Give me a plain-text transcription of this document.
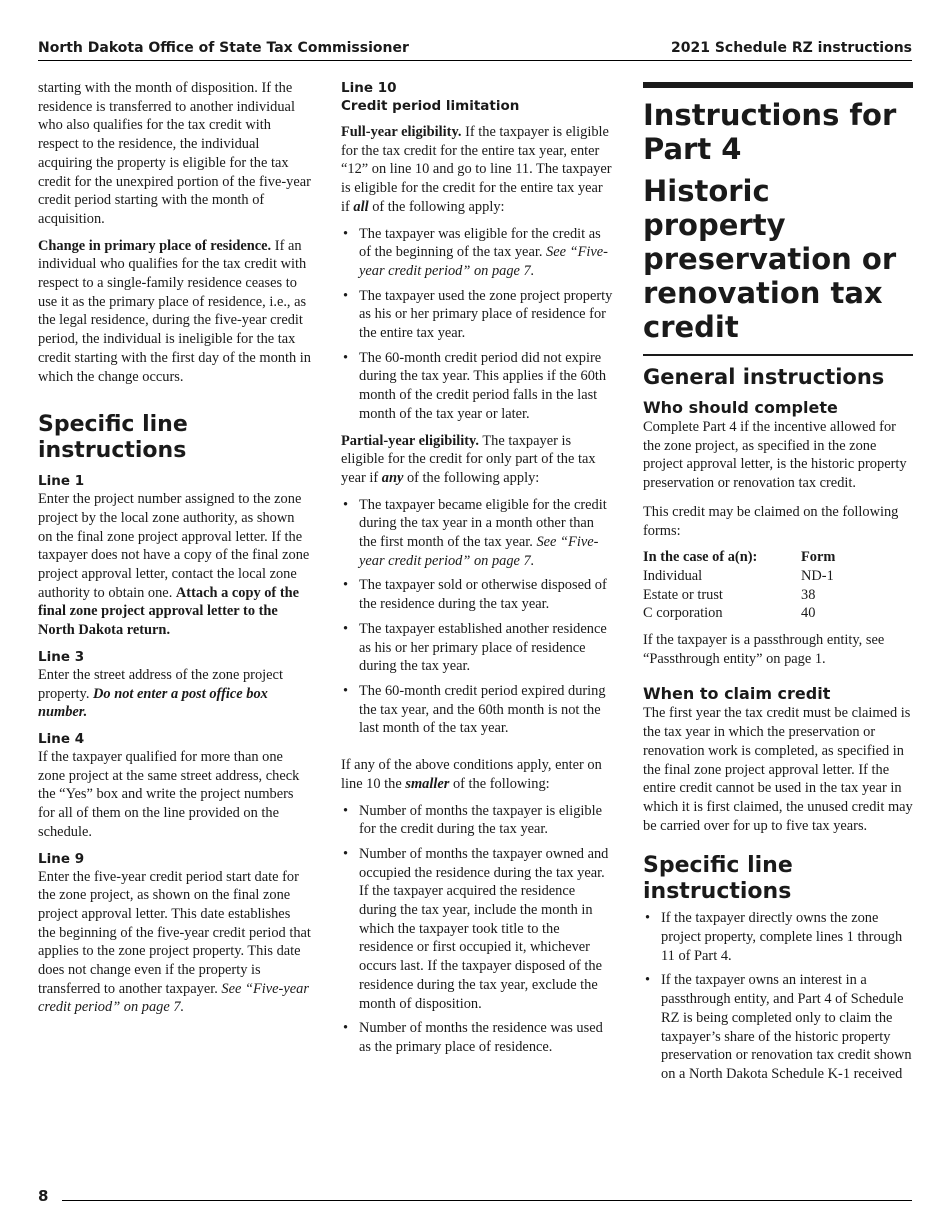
North Dakota Office of State Tax Commissioner	2021 Schedule RZ instructions

starting with the month of disposition. If the residence is transferred to another individual who also qualifies for the tax credit with respect to the residence, the individual acquiring the property is eligible for the tax credit for the unexpired portion of the five-year credit period starting with the month of acquisition.

Change in primary place of residence. If an individual who qualifies for the tax credit with respect to a single-family residence ceases to use it as the primary place of residence, i.e., as the legal residence, during the five-year credit period, the individual is ineligible for the tax credit starting with the first day of the month in which the change occurs.

Specific line instructions
Line 1

Enter the project number assigned to the zone project by the local zone authority, as shown on the final zone project approval letter. If the taxpayer does not have a copy of the final zone project approval letter, contact the local zone authority to obtain one. Attach a copy of the final zone project approval letter to the North Dakota return.

Line 3

Enter the street address of the zone project property. Do not enter a post office box number.

Line 4

If the taxpayer qualified for more than one zone project at the same street address, check the “Yes” box and write the project numbers for all of them on the line provided on the schedule.

Line 9

Enter the five-year credit period start date for the zone project, as shown on the final zone project approval letter. This date establishes the beginning of the five-year credit period that applies to the zone project property. This date does not change even if the property is transferred to another taxpayer. See “Five-year credit period” on page 7.

Line 10
Credit period limitation

Full-year eligibility. If the taxpayer is eligible for the tax credit for the entire tax year, enter “12” on line 10 and go to line 11. The taxpayer is eligible for the credit for the entire tax year if all of the following apply:

• The taxpayer was eligible for the credit as of the beginning of the tax year. See “Five-year credit period” on page 7.
• The taxpayer used the zone project property as his or her primary place of residence for the entire tax year.
• The 60-month credit period did not expire during the tax year. This applies if the 60th month of the credit period falls in the last month of the tax year or later.

Partial-year eligibility. The taxpayer is eligible for the credit for only part of the tax year if any of the following apply:

• The taxpayer became eligible for the credit during the tax year in a month other than the first month of the tax year. See “Five-year credit period” on page 7.
• The taxpayer sold or otherwise disposed of the residence during the tax year.
• The taxpayer established another residence as his or her primary place of residence during the tax year.
• The 60-month credit period expired during the tax year, and the 60th month is not the last month of the tax year.

If any of the above conditions apply, enter on line 10 the smaller of the following:

• Number of months the taxpayer is eligible for the credit during the tax year.
• Number of months the taxpayer owned and occupied the residence during the tax year. If the taxpayer acquired the residence during the tax year, include the month in which the taxpayer took title to the residence or first occupied it, whichever occurs last. If the taxpayer disposed of the residence during the tax year, exclude the month of disposition.
• Number of months the residence was used as the primary place of residence.
Instructions for Part 4
Historic property preservation or renovation tax credit
General instructions
Who should complete

Complete Part 4 if the incentive allowed for the zone project, as specified in the zone project approval letter, is the historic property preservation or renovation tax credit.

This credit may be claimed on the following forms:

In the case of a(n):	Form
Individual	ND-1
Estate or trust	38
C corporation	40

If the taxpayer is a passthrough entity, see “Passthrough entity” on page 1.

When to claim credit

The first year the tax credit must be claimed is the tax year in which the preservation or renovation work is completed, as specified in the final zone project approval letter. If the entire credit cannot be used in the tax year in which it is first claimed, the unused credit may be carried over for up to five tax years.

Specific line instructions
• If the taxpayer directly owns the zone project property, complete lines 1 through 11 of Part 4.
• If the taxpayer owns an interest in a passthrough entity, and Part 4 of Schedule RZ is being completed only to claim the taxpayer’s share of the historic property preservation or renovation tax credit shown on a North Dakota Schedule K-1 received
8
